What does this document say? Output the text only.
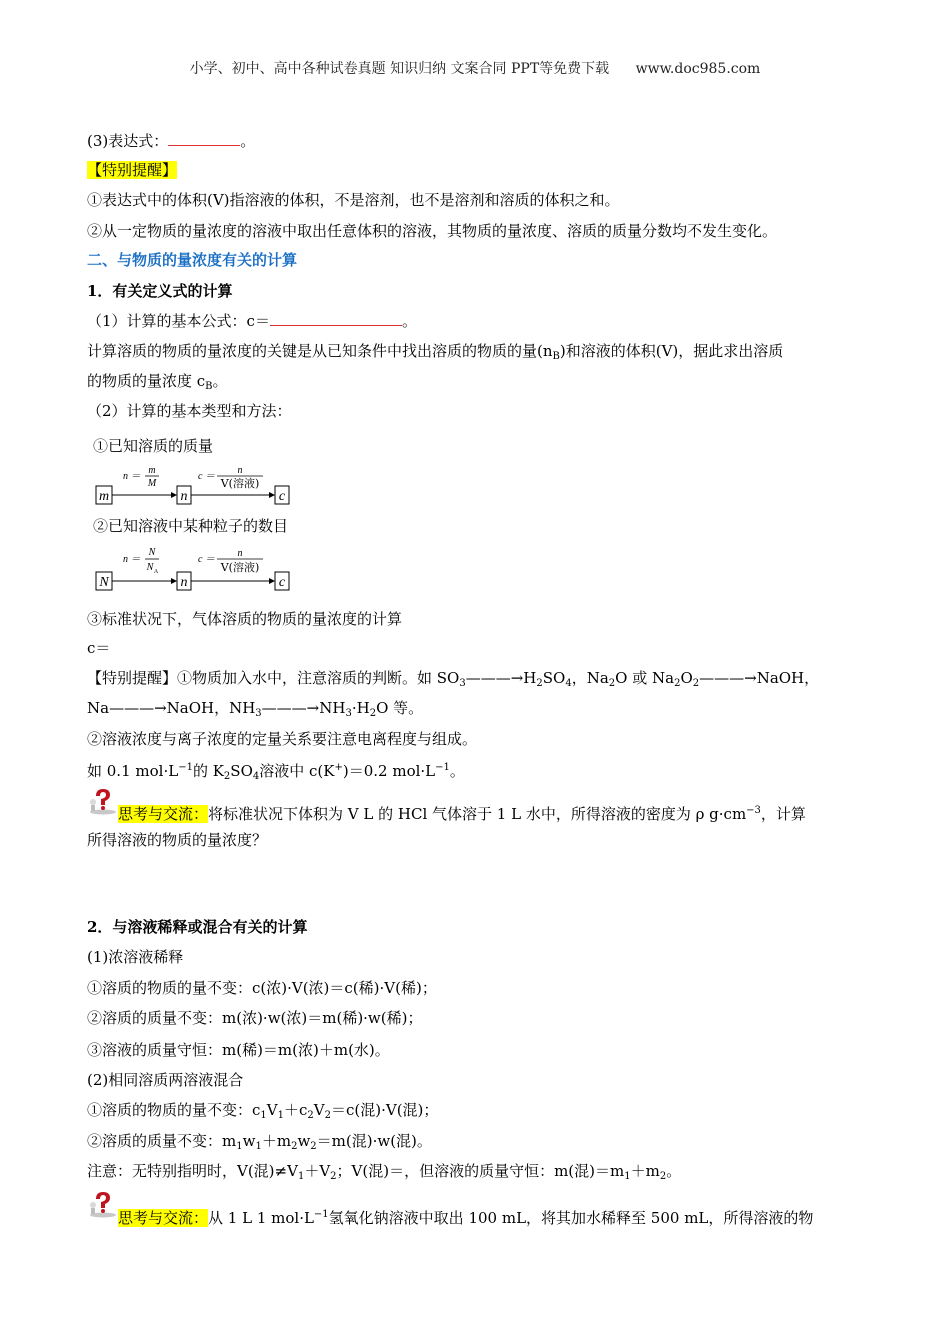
小学、初中、高中各种试卷真题 知识归纳 文案合同 PPT等免费下载 www.doc985.com
(3)表达式：	。
【特别提醒】
①表达式中的体积(V)指溶液的体积，不是溶剂，也不是溶剂和溶质的体积之和。
②从一定物质的量浓度的溶液中取出任意体积的溶液，其物质的量浓度、溶质的质量分数均不发生变化。
二、与物质的量浓度有关的计算
1．有关定义式的计算
（1）计算的基本公式：c＝	。
计算溶质的物质的量浓度的关键是从已知条件中找出溶质的物质的量$(n_B)$和溶液的体积(V)，据此求出溶质
的物质的量浓度 $c_B$。
（2）计算的基本类型和方法：
①已知溶质的质量
m
n ＝
m
M
n
c ＝
n
V(溶液)
c
②已知溶液中某种粒子的数目
N
n ＝
N
N A
n
c ＝
n
V(溶液)
c
③标准状况下，气体溶质的物质的量浓度的计算
c＝
【特别提醒】①物质加入水中，注意溶质的判断。如 $SO_3———\to H_2SO_4$，$Na_2O$ 或 $Na_2O_2———\to NaOH$，
Na———→NaOH，$NH_3———\to NH_3\cdot H_2O$ 等。
②溶液浓度与离子浓度的定量关系要注意电离程度与组成。
如 0.1 $mol\cdot L^{-1}$的 $K_2SO_4$溶液中 c(K+)＝0.2 $mol\cdot L^{-1}$。
思考与交流：将标准状况下体积为 V L 的 HCl 气体溶于 1 L 水中，所得溶液的密度为 ρ $g\cdot cm^{-3}$，计算
所得溶液的物质的量浓度？
2．与溶液稀释或混合有关的计算
(1)浓溶液稀释
①溶质的物质的量不变：c(浓)·V(浓)＝c(稀)·V(稀)；
②溶质的质量不变：m(浓)·w(浓)＝m(稀)·w(稀)；
③溶液的质量守恒：m(稀)＝m(浓)＋m(水)。
(2)相同溶质两溶液混合
①溶质的物质的量不变：$c_1V_1+c_2V_2=c$(混)·V(混)；
②溶质的质量不变：$m_1w_1+m_2w_2=m$(混)·w(混)。
注意：无特别指明时，V(混)$\ne V_1+V_2$；V(混)＝，但溶液的质量守恒：m(混)$=m_1+m_2$。
思考与交流：从 1 L 1 $mol\cdot L^{-1}$氢氧化钠溶液中取出 100 mL，将其加水稀释至 500 mL，所得溶液的物
